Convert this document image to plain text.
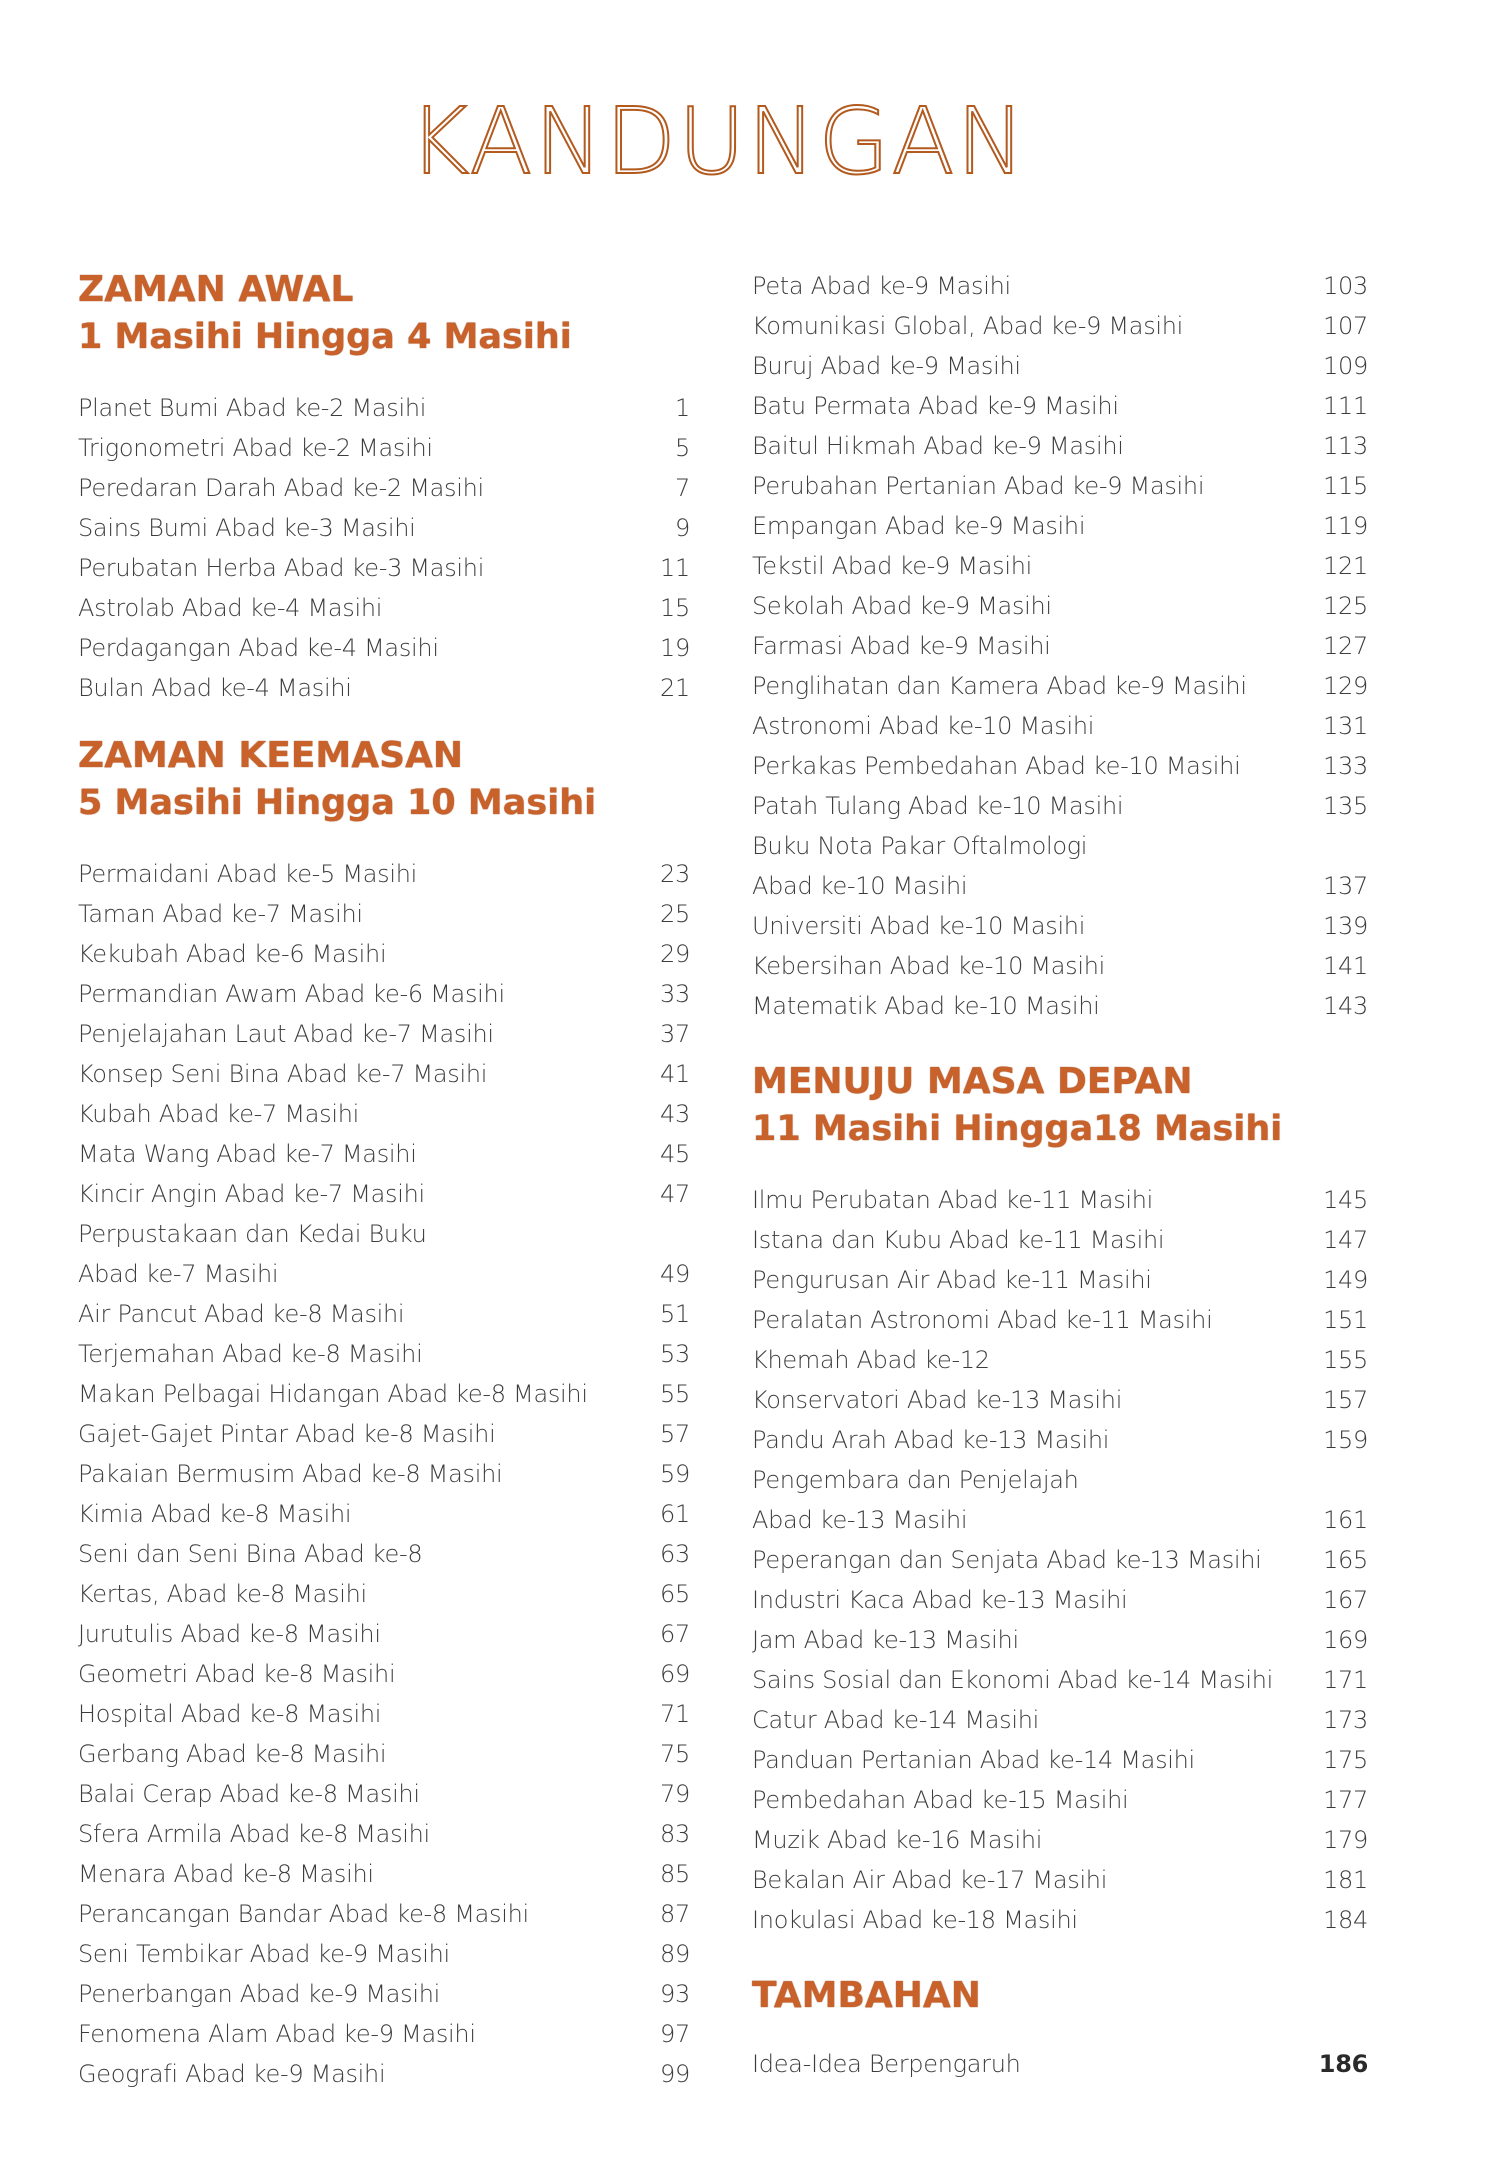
KANDUNGAN
ZAMAN AWAL
1 Masihi Hingga 4 Masihi
Planet Bumi Abad ke-2 Masihi	1
Trigonometri Abad ke-2 Masihi	5
Peredaran Darah Abad ke-2 Masihi	7
Sains Bumi Abad ke-3 Masihi	9
Perubatan Herba Abad ke-3 Masihi	11
Astrolab Abad ke-4 Masihi	15
Perdagangan Abad ke-4 Masihi	19
Bulan Abad ke-4 Masihi	21
ZAMAN KEEMASAN
5 Masihi Hingga 10 Masihi
Permaidani Abad ke-5 Masihi	23
Taman Abad ke-7 Masihi	25
Kekubah Abad ke-6 Masihi	29
Permandian Awam Abad ke-6 Masihi	33
Penjelajahan Laut Abad ke-7 Masihi	37
Konsep Seni Bina Abad ke-7 Masihi	41
Kubah Abad ke-7 Masihi	43
Mata Wang Abad ke-7 Masihi	45
Kincir Angin Abad ke-7 Masihi	47
Perpustakaan dan Kedai Buku
Abad ke-7 Masihi	49
Air Pancut Abad ke-8 Masihi	51
Terjemahan Abad ke-8 Masihi	53
Makan Pelbagai Hidangan Abad ke-8 Masihi	55
Gajet-Gajet Pintar Abad ke-8 Masihi	57
Pakaian Bermusim Abad ke-8 Masihi	59
Kimia Abad ke-8 Masihi	61
Seni dan Seni Bina Abad ke-8	63
Kertas, Abad ke-8 Masihi	65
Jurutulis Abad ke-8 Masihi	67
Geometri Abad ke-8 Masihi	69
Hospital Abad ke-8 Masihi	71
Gerbang Abad ke-8 Masihi	75
Balai Cerap Abad ke-8 Masihi	79
Sfera Armila Abad ke-8 Masihi	83
Menara Abad ke-8 Masihi	85
Perancangan Bandar Abad ke-8 Masihi	87
Seni Tembikar Abad ke-9 Masihi	89
Penerbangan Abad ke-9 Masihi	93
Fenomena Alam Abad ke-9 Masihi	97
Geografi Abad ke-9 Masihi	99
Peta Abad ke-9 Masihi	103
Komunikasi Global, Abad ke-9 Masihi	107
Buruj Abad ke-9 Masihi	109
Batu Permata Abad ke-9 Masihi	111
Baitul Hikmah Abad ke-9 Masihi	113
Perubahan Pertanian Abad ke-9 Masihi	115
Empangan Abad ke-9 Masihi	119
Tekstil Abad ke-9 Masihi	121
Sekolah Abad ke-9 Masihi	125
Farmasi Abad ke-9 Masihi	127
Penglihatan dan Kamera Abad ke-9 Masihi	129
Astronomi Abad ke-10 Masihi	131
Perkakas Pembedahan Abad ke-10 Masihi	133
Patah Tulang Abad ke-10 Masihi	135
Buku Nota Pakar Oftalmologi
Abad ke-10 Masihi	137
Universiti Abad ke-10 Masihi	139
Kebersihan Abad ke-10 Masihi	141
Matematik Abad ke-10 Masihi	143
MENUJU MASA DEPAN
11 Masihi Hingga18 Masihi
Ilmu Perubatan Abad ke-11 Masihi	145
Istana dan Kubu Abad ke-11 Masihi	147
Pengurusan Air Abad ke-11 Masihi	149
Peralatan Astronomi Abad ke-11 Masihi	151
Khemah Abad ke-12	155
Konservatori Abad ke-13 Masihi	157
Pandu Arah Abad ke-13 Masihi	159
Pengembara dan Penjelajah
Abad ke-13 Masihi	161
Peperangan dan Senjata Abad ke-13 Masihi	165
Industri Kaca Abad ke-13 Masihi	167
Jam Abad ke-13 Masihi	169
Sains Sosial dan Ekonomi Abad ke-14 Masihi	171
Catur Abad ke-14 Masihi	173
Panduan Pertanian Abad ke-14 Masihi	175
Pembedahan Abad ke-15 Masihi	177
Muzik Abad ke-16 Masihi	179
Bekalan Air Abad ke-17 Masihi	181
Inokulasi Abad ke-18 Masihi	184
TAMBAHAN
Idea-Idea Berpengaruh	186
